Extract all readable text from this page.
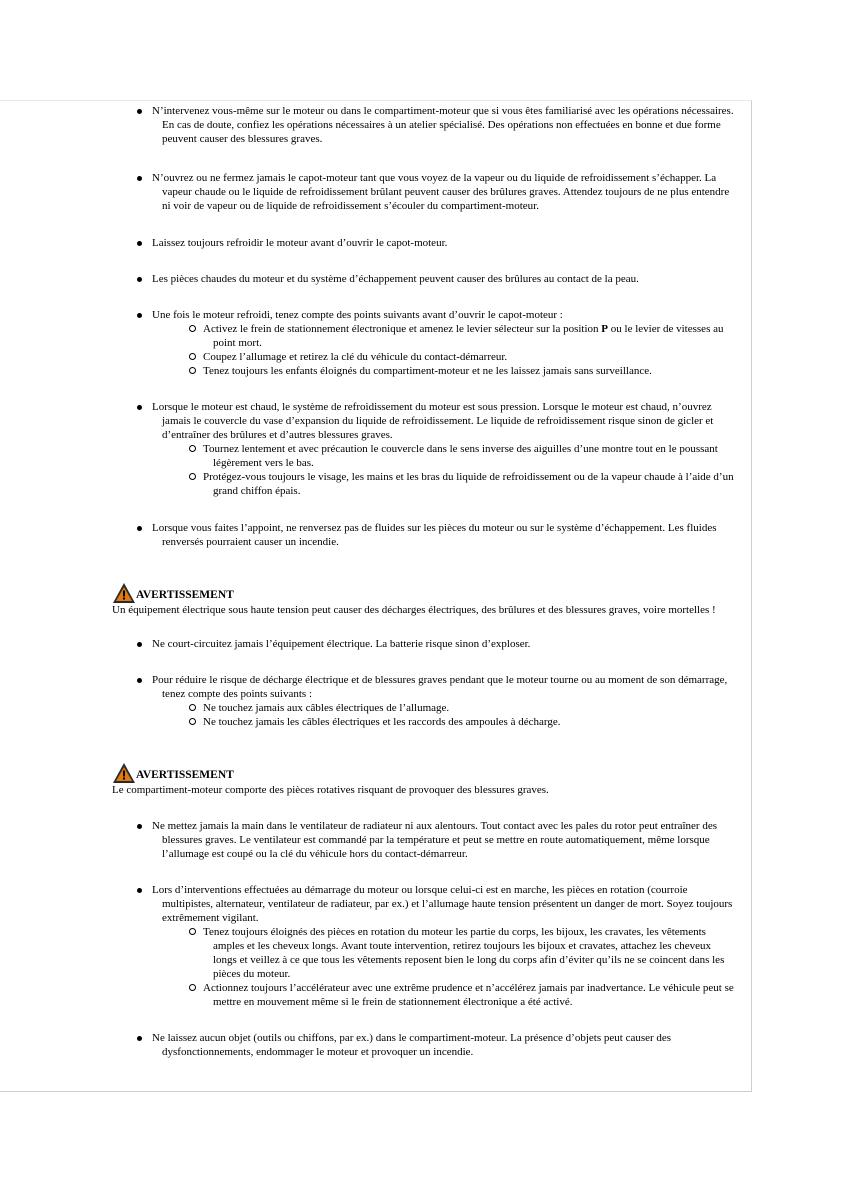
N’intervenez vous-même sur le moteur ou dans le compartiment-moteur que si vous êtes familiarisé avec les opérations nécessaires. En cas de doute, confiez les opérations nécessaires à un atelier spécialisé. Des opérations non effectuées en bonne et due forme peuvent causer des blessures graves.
N’ouvrez ou ne fermez jamais le capot-moteur tant que vous voyez de la vapeur ou du liquide de refroidissement s’échapper. La vapeur chaude ou le liquide de refroidissement brûlant peuvent causer des brûlures graves. Attendez toujours de ne plus entendre ni voir de vapeur ou de liquide de refroidissement s’écouler du compartiment-moteur.
Laissez toujours refroidir le moteur avant d’ouvrir le capot-moteur.
Les pièces chaudes du moteur et du système d’échappement peuvent causer des brûlures au contact de la peau.
Une fois le moteur refroidi, tenez compte des points suivants avant d’ouvrir le capot-moteur :
Activez le frein de stationnement électronique et amenez le levier sélecteur sur la position P ou le levier de vitesses au point mort.
Coupez l’allumage et retirez la clé du véhicule du contact-démarreur.
Tenez toujours les enfants éloignés du compartiment-moteur et ne les laissez jamais sans surveillance.
Lorsque le moteur est chaud, le système de refroidissement du moteur est sous pression. Lorsque le moteur est chaud, n’ouvrez jamais le couvercle du vase d’expansion du liquide de refroidissement. Le liquide de refroidissement risque sinon de gicler et d’entraîner des brûlures et d’autres blessures graves.
Tournez lentement et avec précaution le couvercle dans le sens inverse des aiguilles d’une montre tout en le poussant légèrement vers le bas.
Protégez-vous toujours le visage, les mains et les bras du liquide de refroidissement ou de la vapeur chaude à l’aide d’un grand chiffon épais.
Lorsque vous faites l’appoint, ne renversez pas de fluides sur les pièces du moteur ou sur le système d’échappement. Les fluides renversés pourraient causer un incendie.
AVERTISSEMENT
Un équipement électrique sous haute tension peut causer des décharges électriques, des brûlures et des blessures graves, voire mortelles !
Ne court-circuitez jamais l’équipement électrique. La batterie risque sinon d’exploser.
Pour réduire le risque de décharge électrique et de blessures graves pendant que le moteur tourne ou au moment de son démarrage, tenez compte des points suivants :
Ne touchez jamais aux câbles électriques de l’allumage.
Ne touchez jamais les câbles électriques et les raccords des ampoules à décharge.
AVERTISSEMENT
Le compartiment-moteur comporte des pièces rotatives risquant de provoquer des blessures graves.
Ne mettez jamais la main dans le ventilateur de radiateur ni aux alentours. Tout contact avec les pales du rotor peut entraîner des blessures graves. Le ventilateur est commandé par la température et peut se mettre en route automatiquement, même lorsque l’allumage est coupé ou la clé du véhicule hors du contact-démarreur.
Lors d’interventions effectuées au démarrage du moteur ou lorsque celui-ci est en marche, les pièces en rotation (courroie multipistes, alternateur, ventilateur de radiateur, par ex.) et l’allumage haute tension présentent un danger de mort. Soyez toujours extrêmement vigilant.
Tenez toujours éloignés des pièces en rotation du moteur les partie du corps, les bijoux, les cravates, les vêtements amples et les cheveux longs. Avant toute intervention, retirez toujours les bijoux et cravates, attachez les cheveux longs et veillez à ce que tous les vêtements reposent bien le long du corps afin d’éviter qu’ils ne se coincent dans les pièces du moteur.
Actionnez toujours l’accélérateur avec une extrême prudence et n’accélérez jamais par inadvertance. Le véhicule peut se mettre en mouvement même si le frein de stationnement électronique a été activé.
Ne laissez aucun objet (outils ou chiffons, par ex.) dans le compartiment-moteur. La présence d’objets peut causer des dysfonctionnements, endommager le moteur et provoquer un incendie.
